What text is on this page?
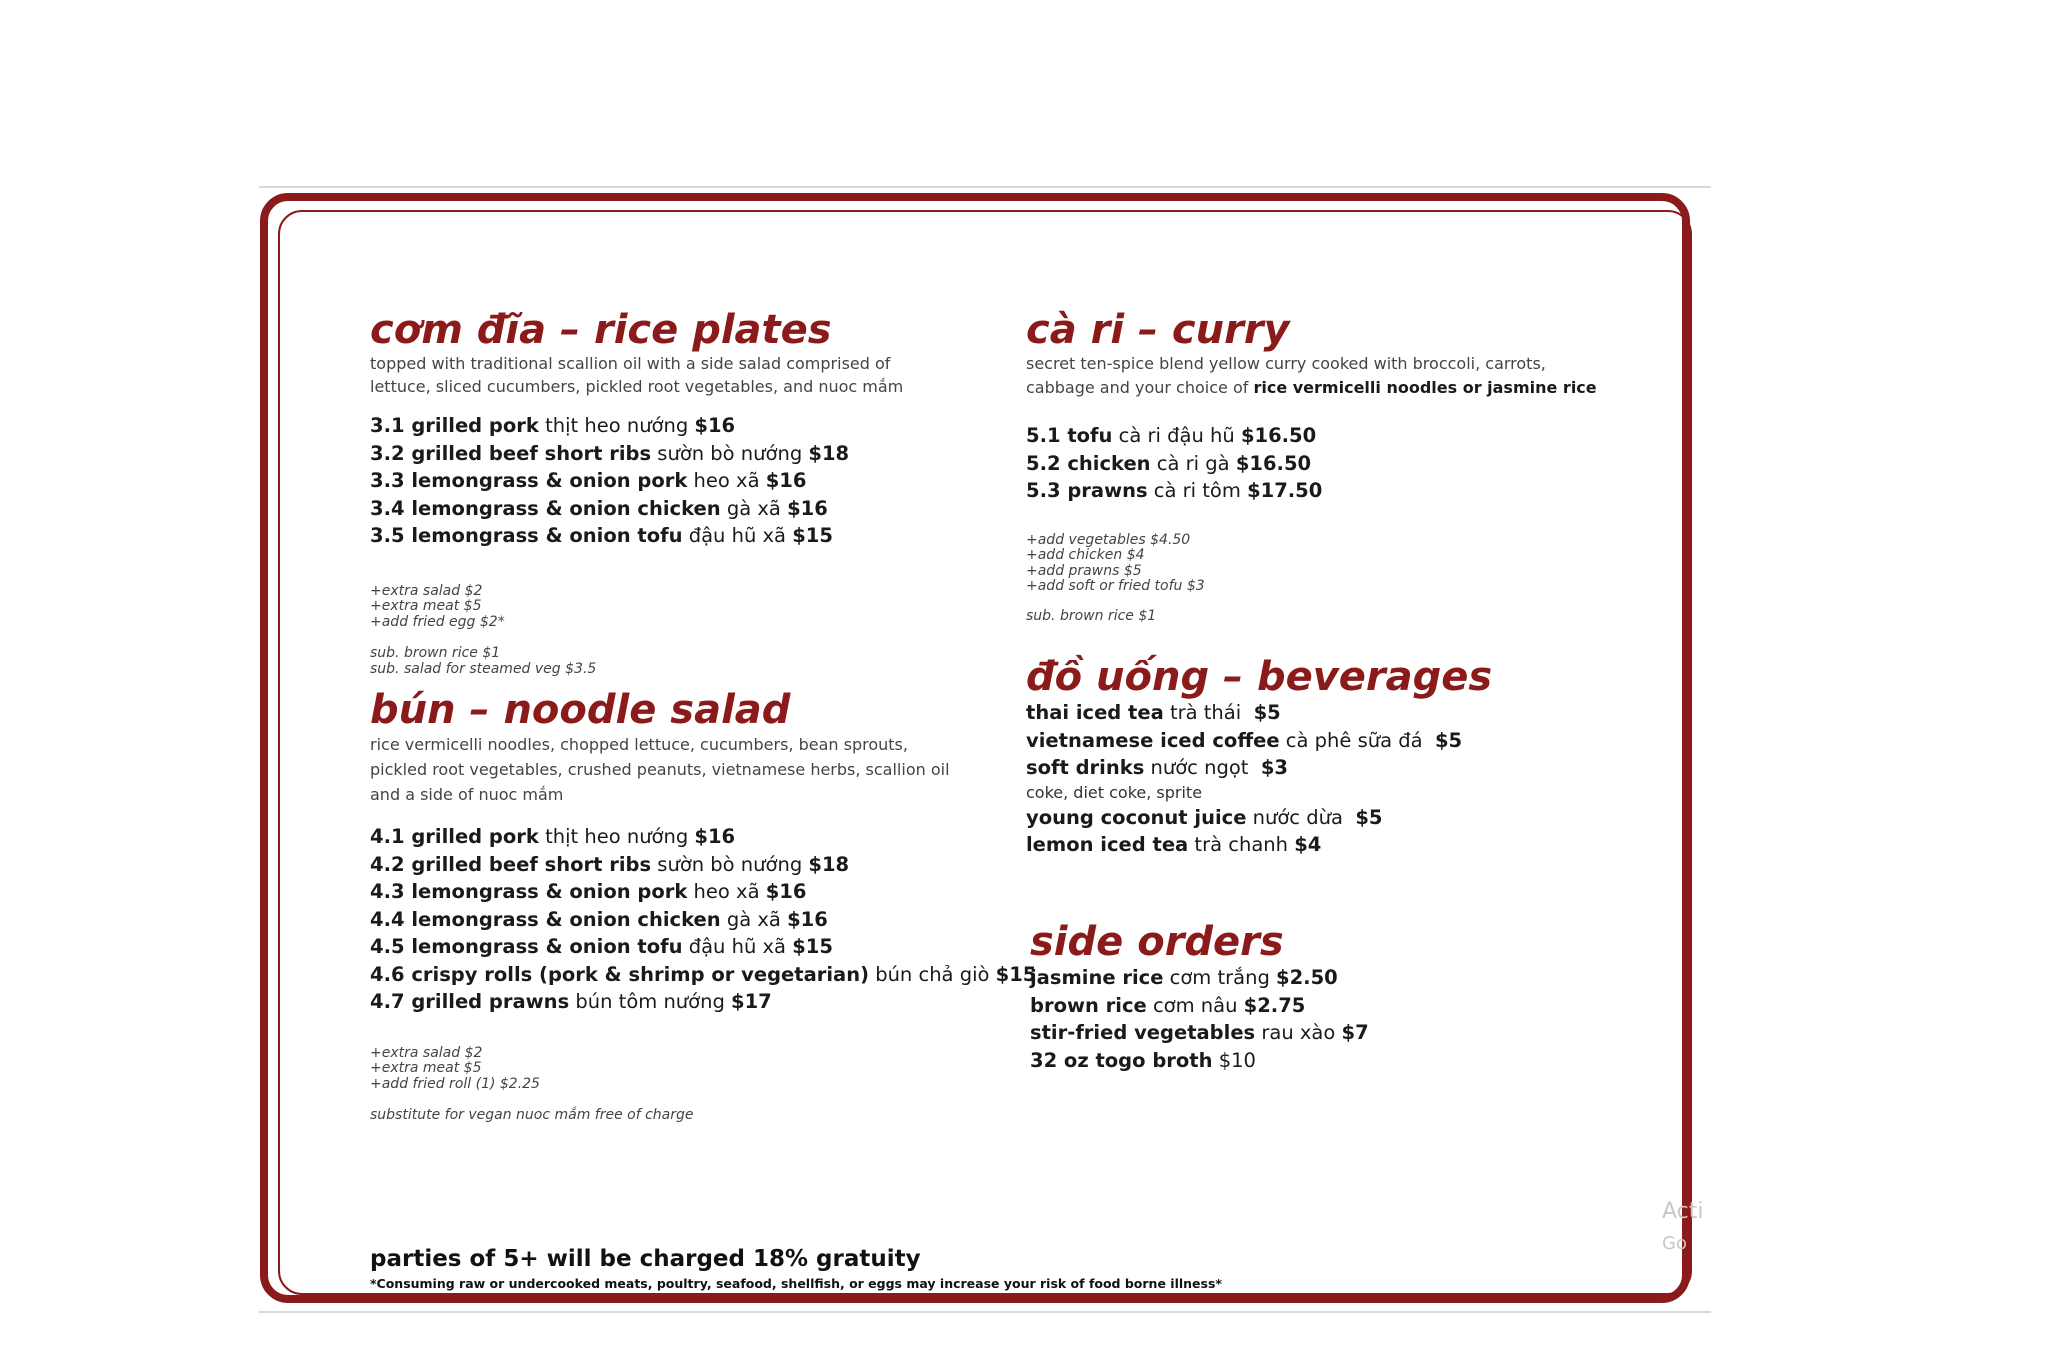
cơm đĩa – rice plates

topped with traditional scallion oil with a side salad comprised of

lettuce, sliced cucumbers, pickled root vegetables, and nuoc mắm

3.1 grilled pork thịt heo nướng $16
3.2 grilled beef short ribs sườn bò nướng $18
3.3 lemongrass & onion pork heo xã $16
3.4 lemongrass & onion chicken gà xã $16
3.5 lemongrass & onion tofu đậu hũ xã $15
+extra salad $2
+extra meat $5
+add fried egg $2*
sub. brown rice $1
sub. salad for steamed veg $3.5
bún – noodle salad

rice vermicelli noodles, chopped lettuce, cucumbers, bean sprouts,

pickled root vegetables, crushed peanuts, vietnamese herbs, scallion oil

and a side of nuoc mắm

4.1 grilled pork thịt heo nướng $16
4.2 grilled beef short ribs sườn bò nướng $18
4.3 lemongrass & onion pork heo xã $16
4.4 lemongrass & onion chicken gà xã $16
4.5 lemongrass & onion tofu đậu hũ xã $15
4.6 crispy rolls (pork & shrimp or vegetarian) bún chả giò $15
4.7 grilled prawns bún tôm nướng $17
+extra salad $2
+extra meat $5
+add fried roll (1) $2.25
substitute for vegan nuoc mắm free of charge
cà ri – curry

secret ten-spice blend yellow curry cooked with broccoli, carrots,

cabbage and your choice of rice vermicelli noodles or jasmine rice

5.1 tofu cà ri đậu hũ $16.50
5.2 chicken cà ri gà $16.50
5.3 prawns cà ri tôm $17.50
+add vegetables $4.50
+add chicken $4
+add prawns $5
+add soft or fried tofu $3
sub. brown rice $1
đồ uống – beverages
thai iced tea trà thái $5
vietnamese iced coffee cà phê sữa đá $5
soft drinks nước ngọt $3
coke, diet coke, sprite
young coconut juice nước dừa $5
lemon iced tea trà chanh $4
side orders
jasmine rice cơm trắng $2.50
brown rice cơm nâu $2.75
stir-fried vegetables rau xào $7
32 oz togo broth $10
parties of 5+ will be charged 18% gratuity
*Consuming raw or undercooked meats, poultry, seafood, shellfish, or eggs may increase your risk of food borne illness*
Acti
Go
